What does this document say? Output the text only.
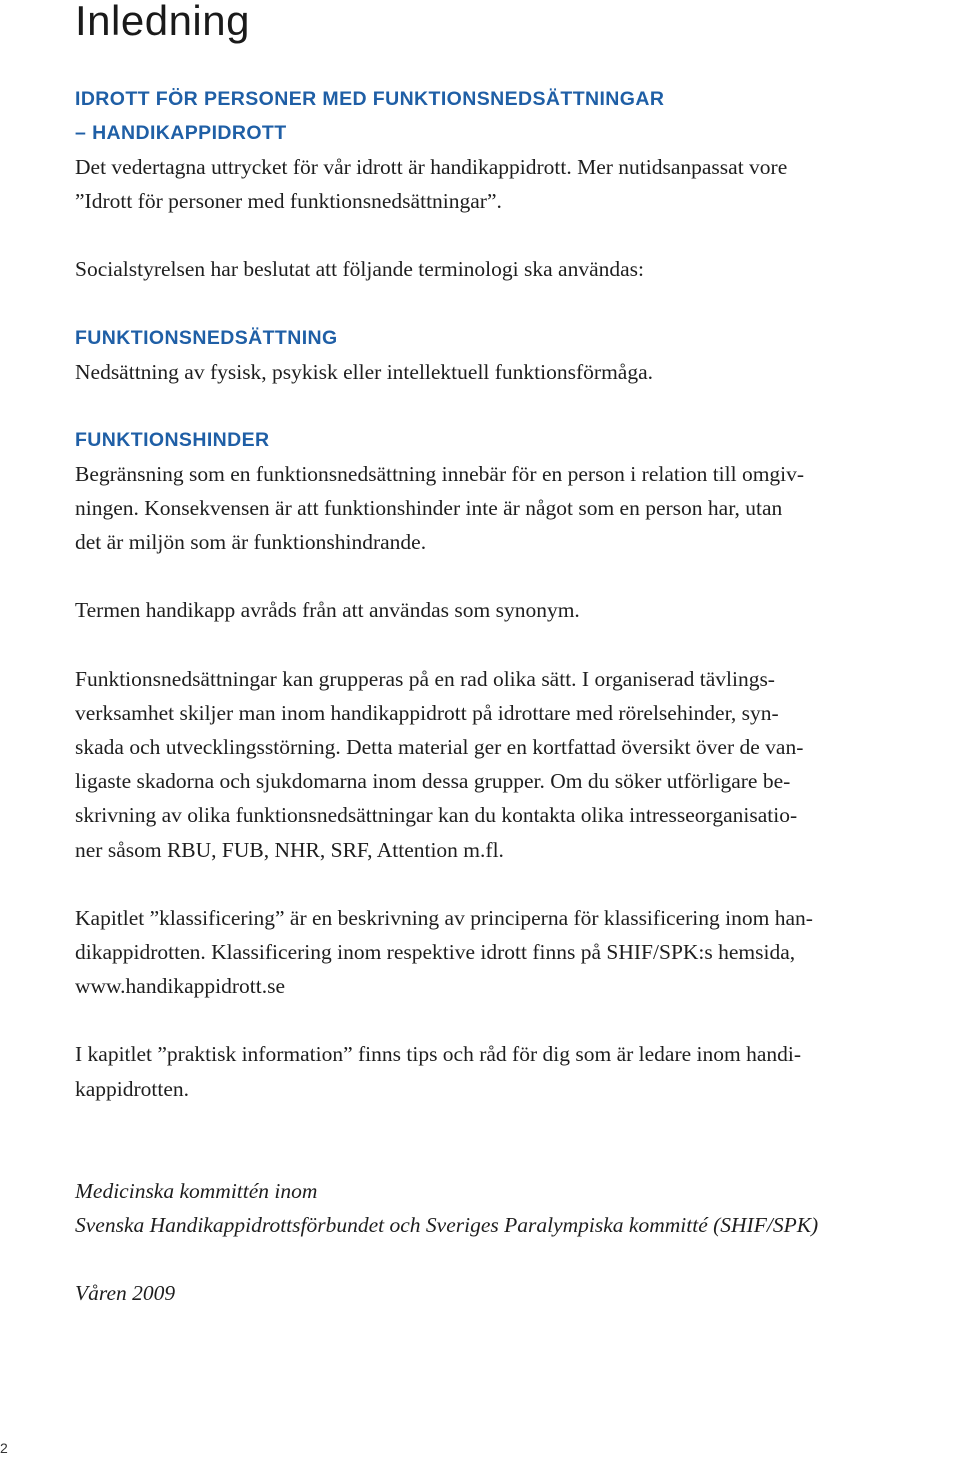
Inledning

IDROTT FÖR PERSONER MED FUNKTIONSNEDSÄTTNINGAR

– HANDIKAPPIDROTT

Det vedertagna uttrycket för vår idrott är handikappidrott. Mer nutidsanpassat vore

”Idrott för personer med funktionsnedsättningar”.

Socialstyrelsen har beslutat att följande terminologi ska användas:

FUNKTIONSNEDSÄTTNING

Nedsättning av fysisk, psykisk eller intellektuell funktionsförmåga.

FUNKTIONSHINDER

Begränsning som en funktionsnedsättning innebär för en person i relation till omgiv-

ningen. Konsekvensen är att funktionshinder inte är något som en person har, utan

det är miljön som är funktionshindrande.

Termen handikapp avråds från att användas som synonym.

Funktionsnedsättningar kan grupperas på en rad olika sätt. I organiserad tävlings-

verksamhet skiljer man inom handikappidrott på idrottare med rörelsehinder, syn-

skada och utvecklingsstörning. Detta material ger en kortfattad översikt över de van-

ligaste skadorna och sjukdomarna inom dessa grupper. Om du söker utförligare be-

skrivning av olika funktionsnedsättningar kan du kontakta olika intresseorganisatio-

ner såsom RBU, FUB, NHR, SRF, Attention m.fl.

Kapitlet ”klassificering” är en beskrivning av principerna för klassificering inom han-

dikappidrotten. Klassificering inom respektive idrott finns på SHIF/SPK:s hemsida,

www.handikappidrott.se

I kapitlet ”praktisk information” finns tips och råd för dig som är ledare inom handi-

kappidrotten.

Medicinska kommittén inom

Svenska Handikappidrottsförbundet och Sveriges Paralympiska kommitté (SHIF/SPK)

Våren 2009

2
